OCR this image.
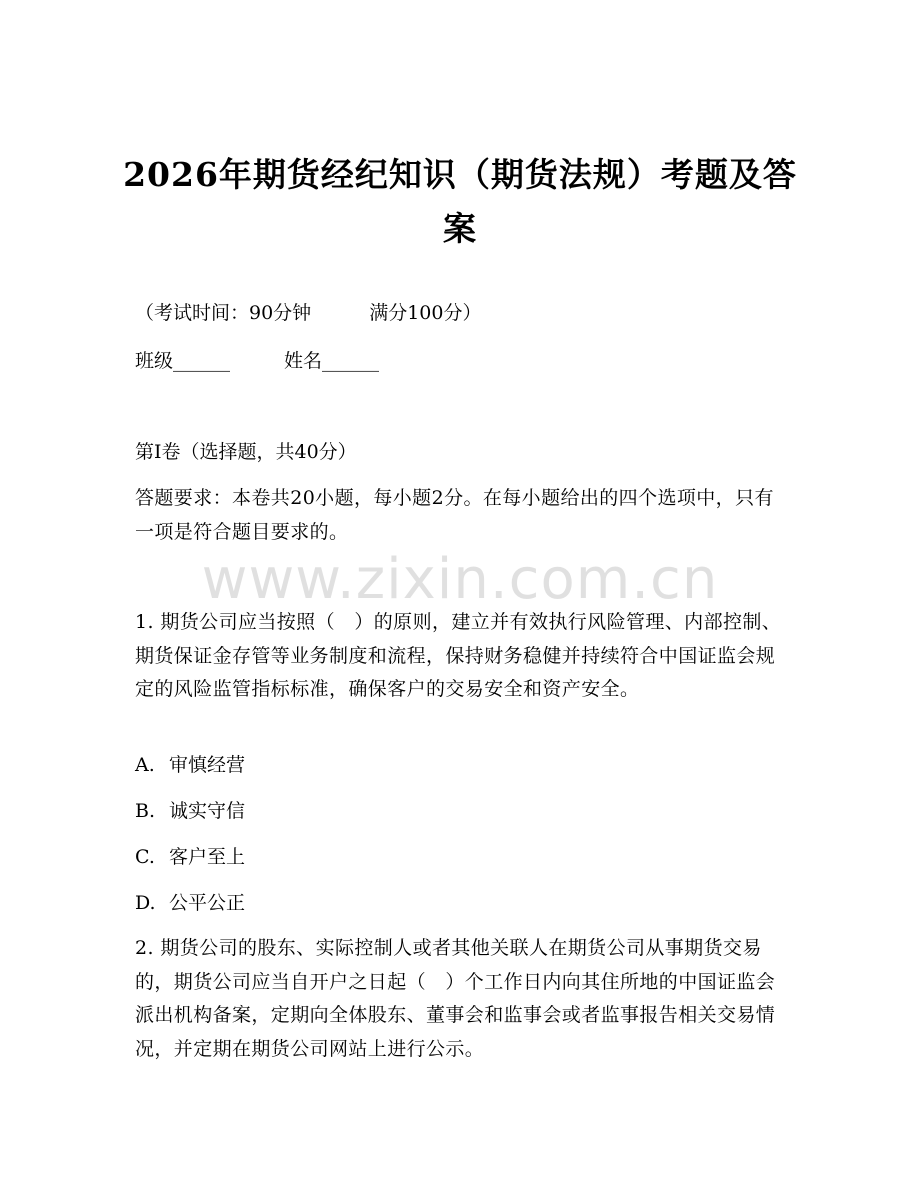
2026年期货经纪知识（期货法规）考题及答案
（考试时间：90分钟	满分100分）
班级______	姓名______
第I卷（选择题，共40分）
答题要求：本卷共20小题，每小题2分。在每小题给出的四个选项中，只有一项是符合题目要求的。
www.zixin.com.cn
1. 期货公司应当按照（　）的原则，建立并有效执行风险管理、内部控制、期货保证金存管等业务制度和流程，保持财务稳健并持续符合中国证监会规定的风险监管指标标准，确保客户的交易安全和资产安全。
A. 审慎经营
B. 诚实守信
C. 客户至上
D. 公平公正
2. 期货公司的股东、实际控制人或者其他关联人在期货公司从事期货交易的，期货公司应当自开户之日起（　）个工作日内向其住所地的中国证监会派出机构备案，定期向全体股东、董事会和监事会或者监事报告相关交易情况，并定期在期货公司网站上进行公示。
